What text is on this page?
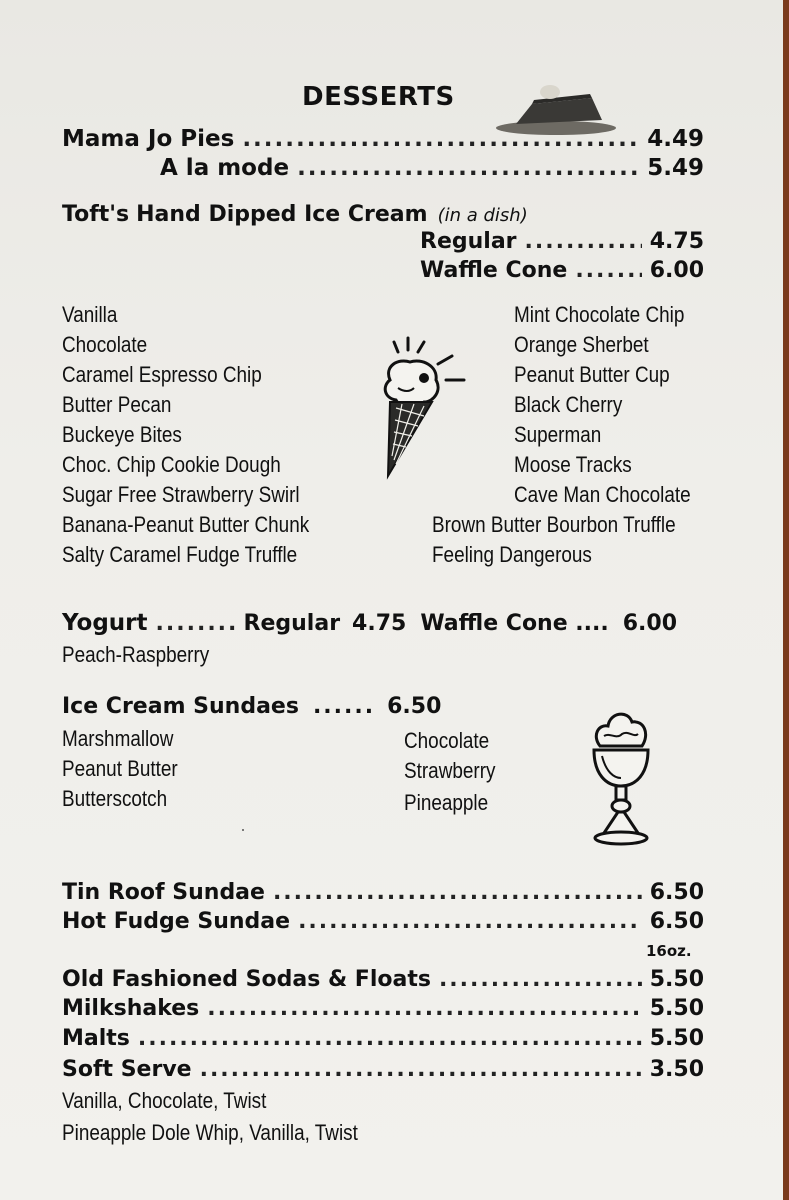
DESSERTS
Mama Jo Pies .....	4.49
A la mode .....	5.49
Toft's Hand Dipped Ice Cream (in a dish)
Regular .....	4.75
Waffle Cone .....	6.00
Vanilla
Chocolate
Caramel Espresso Chip
Butter Pecan
Buckeye Bites
Choc. Chip Cookie Dough
Sugar Free Strawberry Swirl
Banana-Peanut Butter Chunk
Salty Caramel Fudge Truffle
Mint Chocolate Chip
Orange Sherbet
Peanut Butter Cup
Black Cherry
Superman
Moose Tracks
Cave Man Chocolate
Brown Butter Bourbon Truffle
Feeling Dangerous
Yogurt .....	Regular 4.75 Waffle Cone .... 6.00
Peach-Raspberry
Ice Cream Sundaes ...... 6.50
Marshmallow
Peanut Butter
Butterscotch
Chocolate
Strawberry
Pineapple
Tin Roof Sundae .....	6.50
Hot Fudge Sundae .....	6.50
16oz.
Old Fashioned Sodas & Floats .....	5.50
Milkshakes .....	5.50
Malts .....	5.50
Soft Serve .....	3.50
Vanilla, Chocolate, Twist
Pineapple Dole Whip, Vanilla, Twist
